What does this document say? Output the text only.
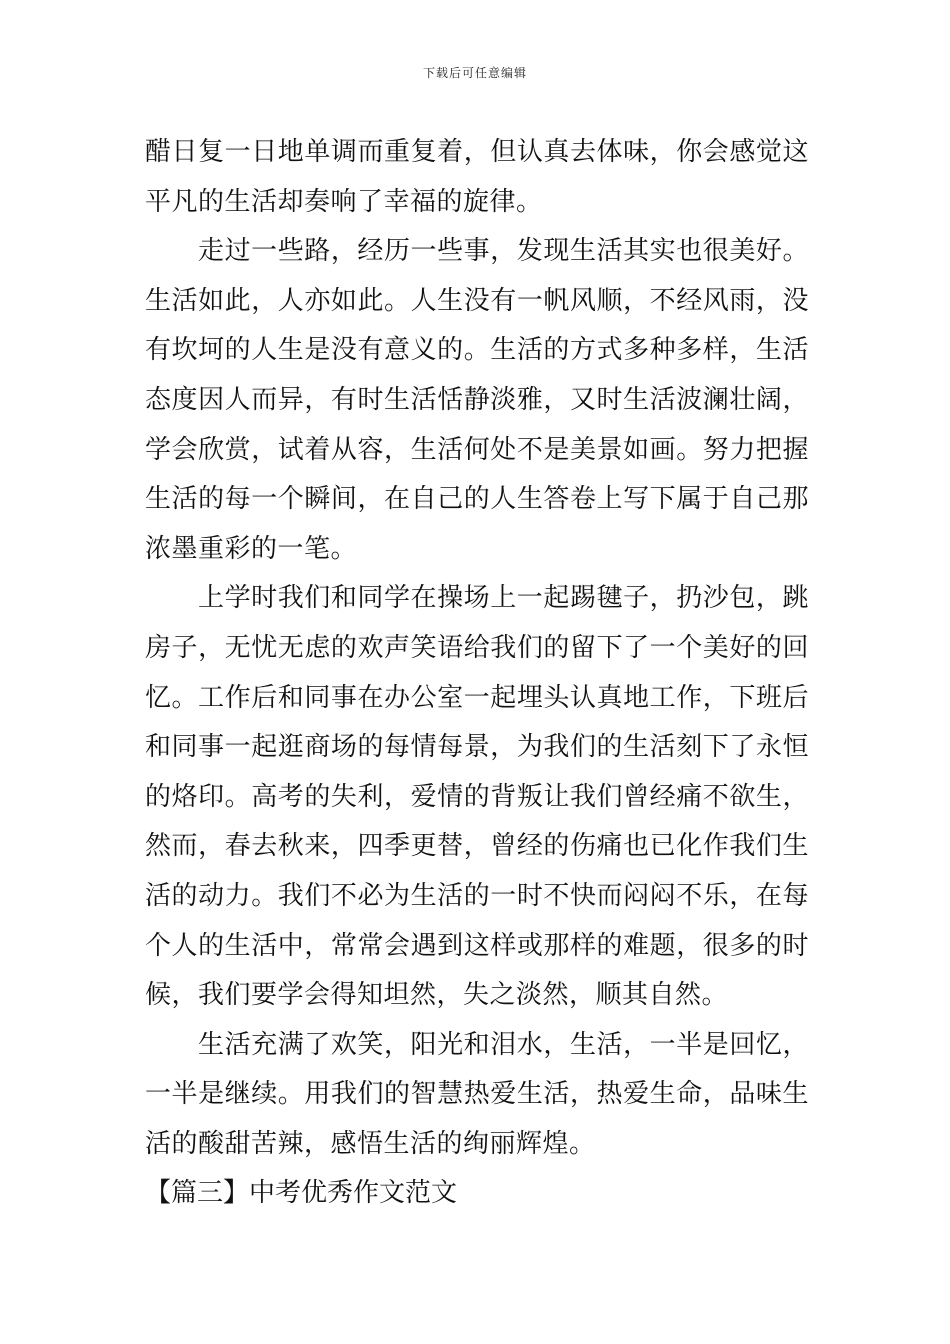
下载后可任意编辑

醋日复一日地单调而重复着，但认真去体味，你会感觉这平凡的生活却奏响了幸福的旋律。

走过一些路，经历一些事，发现生活其实也很美好。生活如此，人亦如此。人生没有一帆风顺，不经风雨，没有坎坷的人生是没有意义的。生活的方式多种多样，生活态度因人而异，有时生活恬静淡雅，又时生活波澜壮阔，学会欣赏，试着从容，生活何处不是美景如画。努力把握生活的每一个瞬间，在自己的人生答卷上写下属于自己那浓墨重彩的一笔。

上学时我们和同学在操场上一起踢毽子，扔沙包，跳房子，无忧无虑的欢声笑语给我们的留下了一个美好的回忆。工作后和同事在办公室一起埋头认真地工作，下班后和同事一起逛商场的每情每景，为我们的生活刻下了永恒的烙印。高考的失利，爱情的背叛让我们曾经痛不欲生，然而，春去秋来，四季更替，曾经的伤痛也已化作我们生活的动力。我们不必为生活的一时不快而闷闷不乐，在每个人的生活中，常常会遇到这样或那样的难题，很多的时候，我们要学会得知坦然，失之淡然，顺其自然。

生活充满了欢笑，阳光和泪水，生活，一半是回忆，一半是继续。用我们的智慧热爱生活，热爱生命，品味生活的酸甜苦辣，感悟生活的绚丽辉煌。

【篇三】中考优秀作文范文
